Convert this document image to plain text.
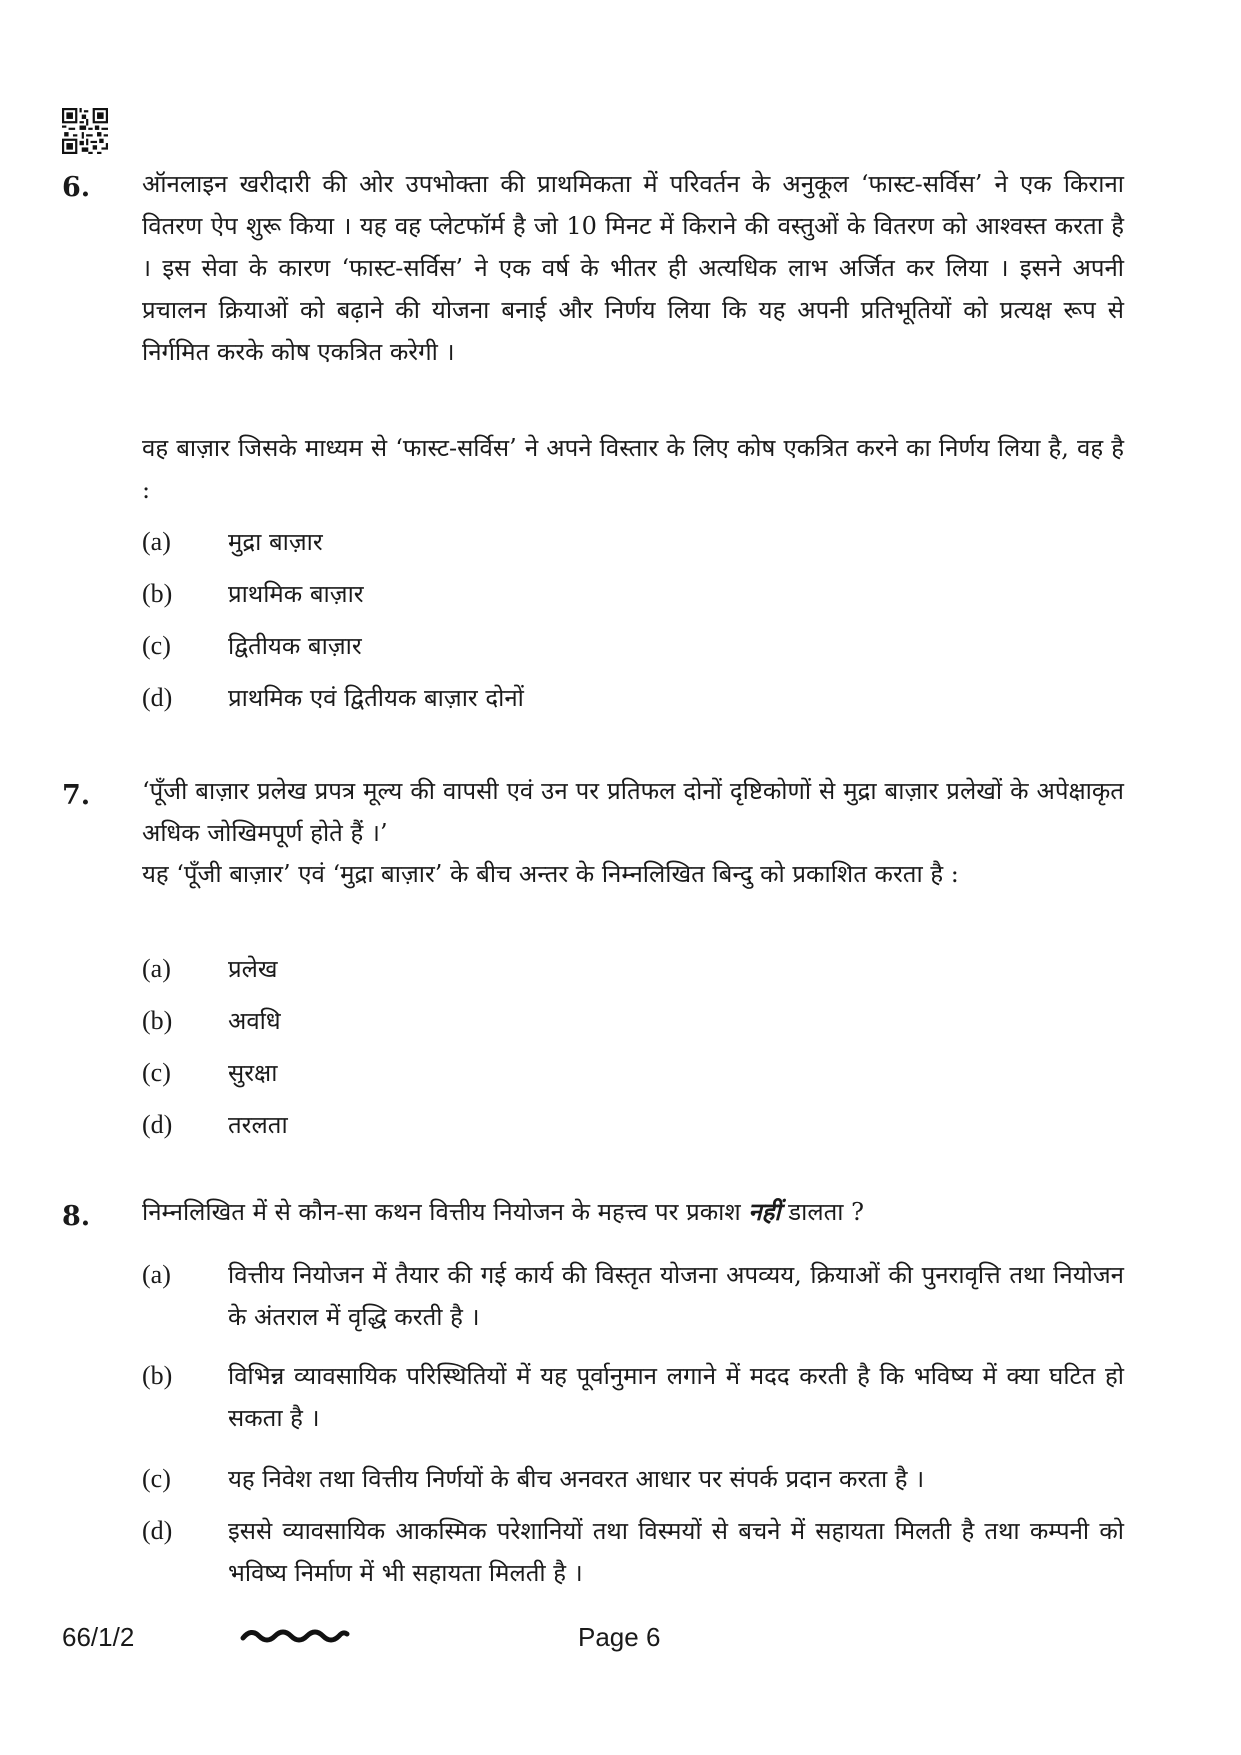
6. ऑनलाइन खरीदारी की ओर उपभोक्ता की प्राथमिकता में परिवर्तन के अनुकूल ‘फास्ट-सर्विस’ ने एक किराना वितरण ऐप शुरू किया । यह वह प्लेटफॉर्म है जो 10 मिनट में किराने की वस्तुओं के वितरण को आश्वस्त करता है । इस सेवा के कारण ‘फास्ट-सर्विस’ ने एक वर्ष के भीतर ही अत्यधिक लाभ अर्जित कर लिया । इसने अपनी प्रचालन क्रियाओं को बढ़ाने की योजना बनाई और निर्णय लिया कि यह अपनी प्रतिभूतियों को प्रत्यक्ष रूप से निर्गमित करके कोष एकत्रित करेगी ।
वह बाज़ार जिसके माध्यम से ‘फास्ट-सर्विस’ ने अपने विस्तार के लिए कोष एकत्रित करने का निर्णय लिया है, वह है :
(a)	मुद्रा बाज़ार
(b)	प्राथमिक बाज़ार
(c)	द्वितीयक बाज़ार
(d)	प्राथमिक एवं द्वितीयक बाज़ार दोनों
7. ‘पूँजी बाज़ार प्रलेख प्रपत्र मूल्य की वापसी एवं उन पर प्रतिफल दोनों दृष्टिकोणों से मुद्रा बाज़ार प्रलेखों के अपेक्षाकृत अधिक जोखिमपूर्ण होते हैं ।’
यह ‘पूँजी बाज़ार’ एवं ‘मुद्रा बाज़ार’ के बीच अन्तर के निम्नलिखित बिन्दु को प्रकाशित करता है :
(a)	प्रलेख
(b)	अवधि
(c)	सुरक्षा
(d)	तरलता
8. निम्नलिखित में से कौन-सा कथन वित्तीय नियोजन के महत्त्व पर प्रकाश नहीं डालता ?
(a)	वित्तीय नियोजन में तैयार की गई कार्य की विस्तृत योजना अपव्यय, क्रियाओं की पुनरावृत्ति तथा नियोजन के अंतराल में वृद्धि करती है ।
(b)	विभिन्न व्यावसायिक परिस्थितियों में यह पूर्वानुमान लगाने में मदद करती है कि भविष्य में क्या घटित हो सकता है ।
(c)	यह निवेश तथा वित्तीय निर्णयों के बीच अनवरत आधार पर संपर्क प्रदान करता है ।
(d)	इससे व्यावसायिक आकस्मिक परेशानियों तथा विस्मयों से बचने में सहायता मिलती है तथा कम्पनी को भविष्य निर्माण में भी सहायता मिलती है ।
66/1/2	Page 6
